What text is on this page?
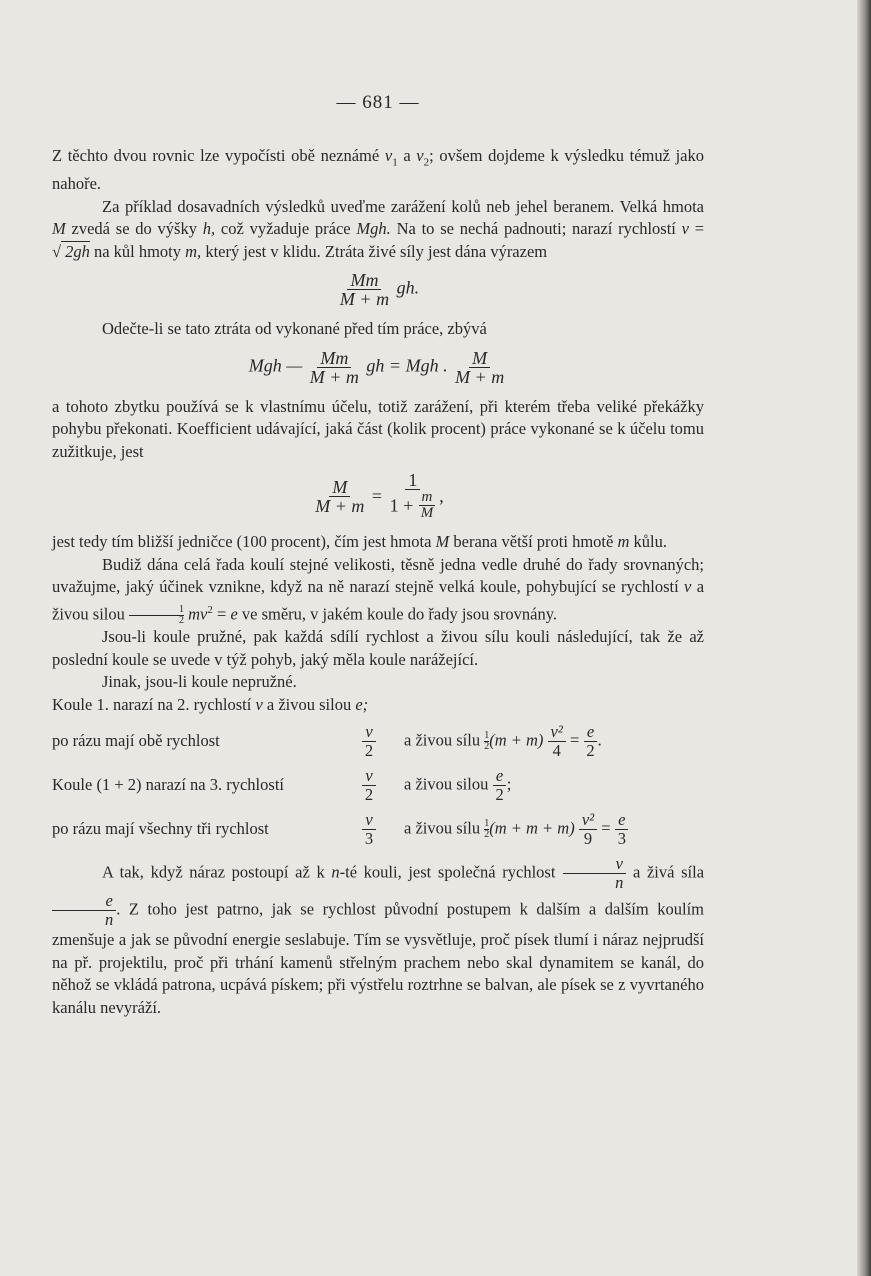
— 681 —

Z těchto dvou rovnic lze vypočísti obě neznámé $v_1$ a $v_2$; ovšem dojdeme k výsledku témuž jako nahoře.

Za příklad dosavadních výsledků uveďme zarážení kolů neb jehel beranem. Velká hmota M zvedá se do výšky h, což vyžaduje práce Mgh. Na to se nechá padnouti; narazí rychlostí v = √ 2gh na kůl hmoty m, který jest v klidu. Ztráta živé síly jest dána výrazem

$\frac{Mm}{M + m}$ gh.

Odečte-li se tato ztráta od vykonané před tím práce, zbývá

Mgh — $\frac{Mm}{M + m}$ gh = Mgh . $\frac{M}{M + m}$

a tohoto zbytku používá se k vlastnímu účelu, totiž zarážení, při kterém třeba veliké překážky pohybu překonati. Koefficient udávající, jaká část (kolik procent) práce vykonané se k účelu tomu zužitkuje, jest

$\frac{M}{M + m} = \frac{1}{1 + \frac{m}{M}}$ ,

jest tedy tím bližší jedničce (100 procent), čím jest hmota M berana větší proti hmotě m kůlu.

Budiž dána celá řada koulí stejné velikosti, těsně jedna vedle druhé do řady srovnaných; uvažujme, jaký účinek vznikne, když na ně narazí stejně velká koule, pohybující se rychlostí v a živou silou $\frac{1}{2} mv^2 = e$ ve směru, v jakém koule do řady jsou srovnány.

Jsou-li koule pružné, pak každá sdílí rychlost a živou sílu kouli následující, tak že až poslední koule se uvede v týž pohyb, jaký měla koule narážející.

Jinak, jsou-li koule nepružné.

Koule 1. narazí na 2. rychlostí v a živou silou e;

po rázu mají obě rychlost	$\frac{v}{2}$ a živou sílu $\frac{1}{2} (m + m) \frac{\text{v²}}{4} = \frac{e}{2}$ .
Koule (1 + 2) narazí na 3. rychlostí	$\frac{v}{2}$ a živou silou $\frac{e}{2}$ ;
po rázu mají všechny tři rychlost	$\frac{v}{3}$ a živou sílu $\frac{1}{2} (m + m + m) \frac{\text{v²}}{9} = \frac{e}{3}$

A tak, když náraz postoupí až k n-té kouli, jest společná rychlost $\frac{v}{n}$ a živá síla
$\frac{e}{n}$ . Z toho jest patrno, jak se rychlost původní postupem k dalším a dalším koulím zmenšuje a jak se původní energie seslabuje. Tím se vysvětluje, proč písek tlumí i náraz nejprudší na př. projektilu, proč při trhání kamenů střelným prachem nebo skal dynamitem se kanál, do něhož se vkládá patrona, ucpává pískem; při výstřelu roztrhne se balvan, ale písek se z vyvrtaného kanálu nevyráží.
